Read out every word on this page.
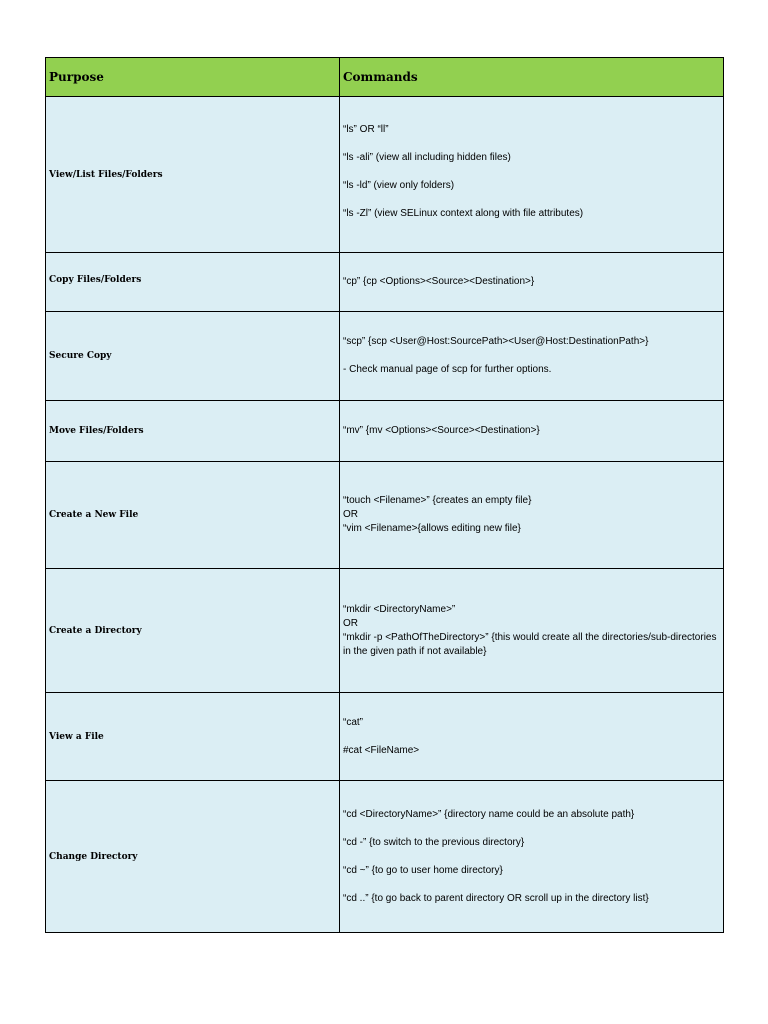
Purpose	Commands
View/List Files/Folders	“ls” OR “ll”

“ls -ali” (view all including hidden files)

“ls -ld” (view only folders)

“ls -Zl” (view SELinux context along with file attributes)

Copy Files/Folders	“cp” {cp <Options><Source><Destination>}

Secure Copy	“scp” {scp <User@Host:SourcePath><User@Host:DestinationPath>}

- Check manual page of scp for further options.

Move Files/Folders	“mv” {mv <Options><Source><Destination>}

Create a New File	“touch <Filename>” {creates an empty file}

OR

“vim <Filename>{allows editing new file}

Create a Directory	“mkdir <DirectoryName>”

OR

“mkdir -p <PathOfTheDirectory>” {this would create all the directories/sub-directories in the given path if not available}

View a File	“cat”

#cat <FileName>

Change Directory	“cd <DirectoryName>” {directory name could be an absolute path}

“cd -” {to switch to the previous directory}

“cd ~” {to go to user home directory}

“cd ..” {to go back to parent directory OR scroll up in the directory list}
